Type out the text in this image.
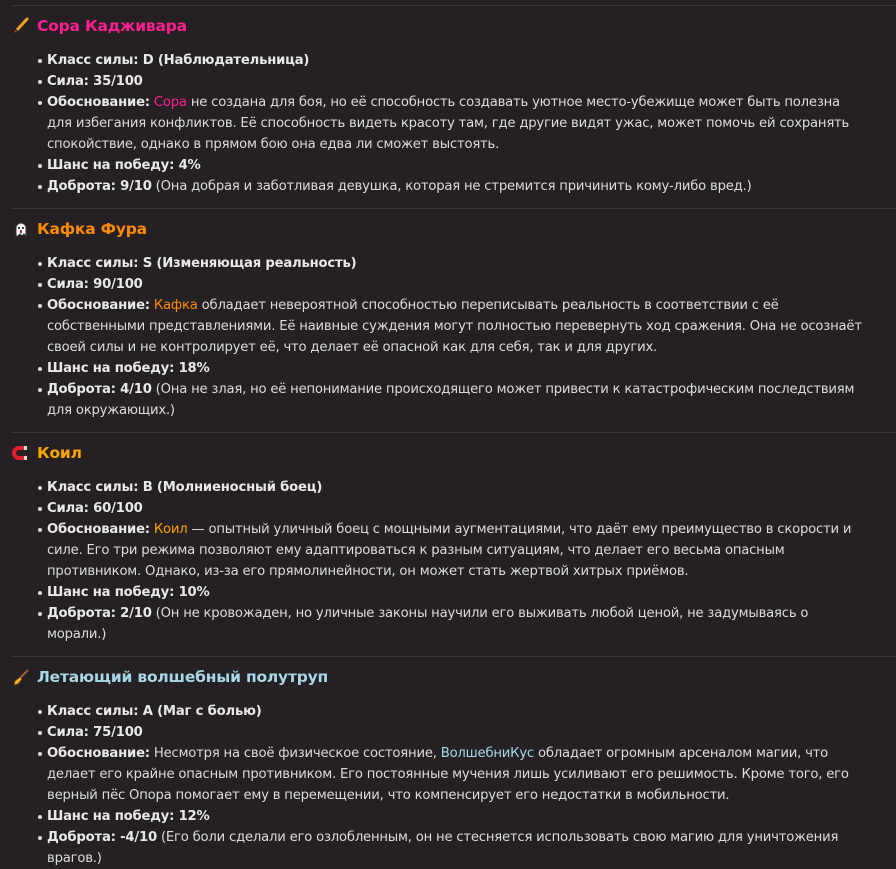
Сора Кадживара
Класс силы: D (Наблюдательница)
Сила: 35/100
Обоснование: Сора не создана для боя, но её способность создавать уютное место-убежище может быть полезна для избегания конфликтов. Её способность видеть красоту там, где другие видят ужас, может помочь ей сохранять спокойствие, однако в прямом бою она едва ли сможет выстоять.
Шанс на победу: 4%
Доброта: 9/10 (Она добрая и заботливая девушка, которая не стремится причинить кому-либо вред.)
Кафка Фура
Класс силы: S (Изменяющая реальность)
Сила: 90/100
Обоснование: Кафка обладает невероятной способностью переписывать реальность в соответствии с её собственными представлениями. Её наивные суждения могут полностью перевернуть ход сражения. Она не осознаёт своей силы и не контролирует её, что делает её опасной как для себя, так и для других.
Шанс на победу: 18%
Доброта: 4/10 (Она не злая, но её непонимание происходящего может привести к катастрофическим последствиям для окружающих.)
Коил
Класс силы: B (Молниеносный боец)
Сила: 60/100
Обоснование: Коил — опытный уличный боец с мощными аугментациями, что даёт ему преимущество в скорости и силе. Его три режима позволяют ему адаптироваться к разным ситуациям, что делает его весьма опасным противником. Однако, из-за его прямолинейности, он может стать жертвой хитрых приёмов.
Шанс на победу: 10%
Доброта: 2/10 (Он не кровожаден, но уличные законы научили его выживать любой ценой, не задумываясь о морали.)
Летающий волшебный полутруп
Класс силы: A (Маг с болью)
Сила: 75/100
Обоснование: Несмотря на своё физическое состояние, ВолшебниКус обладает огромным арсеналом магии, что делает его крайне опасным противником. Его постоянные мучения лишь усиливают его решимость. Кроме того, его верный пёс Опора помогает ему в перемещении, что компенсирует его недостатки в мобильности.
Шанс на победу: 12%
Доброта: -4/10 (Его боли сделали его озлобленным, он не стесняется использовать свою магию для уничтожения врагов.)
